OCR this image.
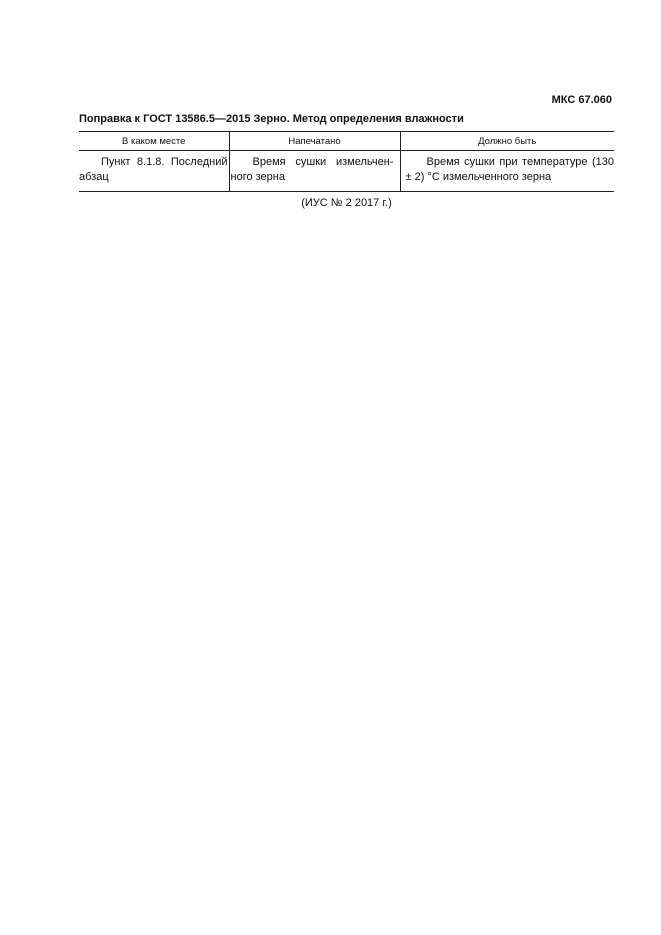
МКС 67.060
Поправка к ГОСТ 13586.5—2015 Зерно. Метод определения влажности
В каком месте	Напечатано	Должно быть
Пункт 8.1.8. Последний абзац	Время сушки измельчен-ного зерна	Время сушки при температуре (130 ± 2) °С измельченного зерна
(ИУС № 2 2017 г.)
